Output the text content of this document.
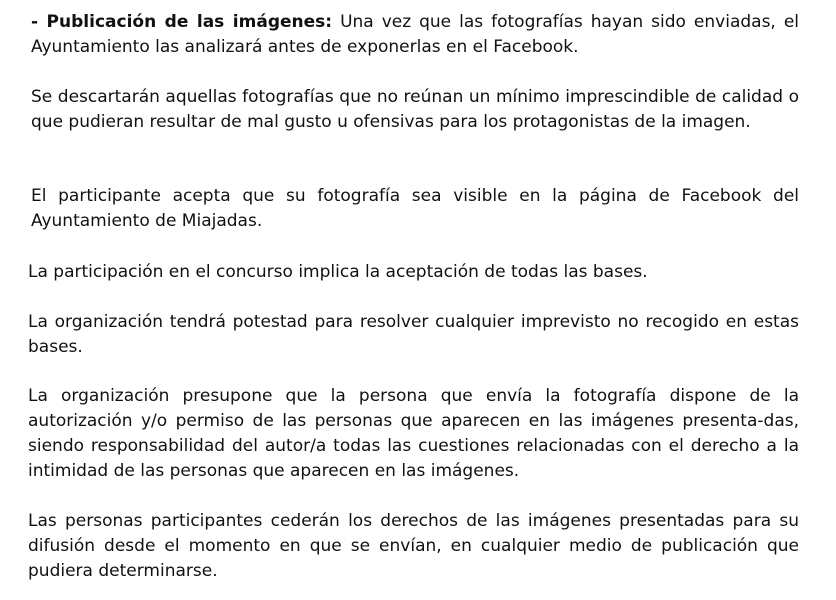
- Publicación de las imágenes: Una vez que las fotografías hayan sido enviadas, el Ayuntamiento las analizará antes de exponerlas en el Facebook.

Se descartarán aquellas fotografías que no reúnan un mínimo imprescindible de calidad o que pudieran resultar de mal gusto u ofensivas para los protagonistas de la imagen.

El participante acepta que su fotografía sea visible en la página de Facebook del Ayuntamiento de Miajadas.

La participación en el concurso implica la aceptación de todas las bases.

La organización tendrá potestad para resolver cualquier imprevisto no recogido en estas bases.

La organización presupone que la persona que envía la fotografía dispone de la autorización y/o permiso de las personas que aparecen en las imágenes presenta-das, siendo responsabilidad del autor/a todas las cuestiones relacionadas con el derecho a la intimidad de las personas que aparecen en las imágenes.

Las personas participantes cederán los derechos de las imágenes presentadas para su difusión desde el momento en que se envían, en cualquier medio de publicación que pudiera determinarse.
